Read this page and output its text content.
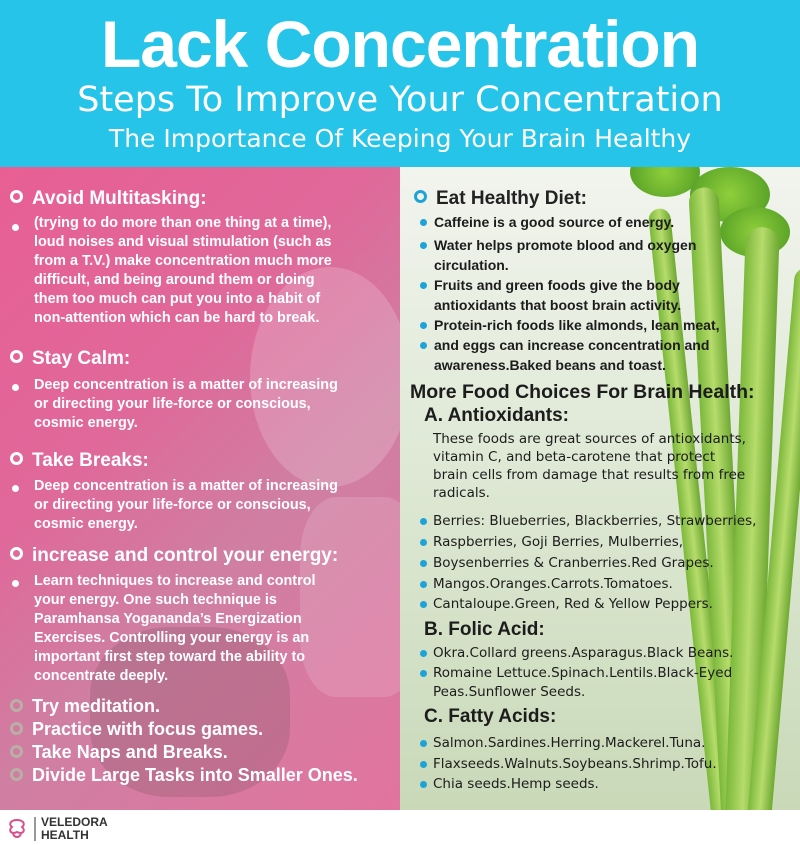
Lack Concentration
Steps To Improve Your Concentration
The Importance Of Keeping Your Brain Healthy
Avoid Multitasking:
(trying to do more than one thing at a time),
loud noises and visual stimulation (such as
from a T.V.) make concentration much more
difficult, and being around them or doing
them too much can put you into a habit of
non-attention which can be hard to break.
Stay Calm:
Deep concentration is a matter of increasing
or directing your life-force or conscious,
cosmic energy.
Take Breaks:
Deep concentration is a matter of increasing
or directing your life-force or conscious,
cosmic energy.
increase and control your energy:
Learn techniques to increase and control
your energy. One such technique is
Paramhansa Yogananda’s Energization
Exercises. Controlling your energy is an
important first step toward the ability to
concentrate deeply.
Try meditation.
Practice with focus games.
Take Naps and Breaks.
Divide Large Tasks into Smaller Ones.
Eat Healthy Diet:
Caffeine is a good source of energy.
Water helps promote blood and oxygen
circulation.
Fruits and green foods give the body
antioxidants that boost brain activity.
Protein-rich foods like almonds, lean meat,
and eggs can increase concentration and
awareness.Baked beans and toast.
More Food Choices For Brain Health:
A. Antioxidants:
These foods are great sources of antioxidants,
vitamin C, and beta-carotene that protect
brain cells from damage that results from free
radicals.
Berries: Blueberries, Blackberries, Strawberries,
Raspberries, Goji Berries, Mulberries,
Boysenberries & Cranberries.Red Grapes.
Mangos.Oranges.Carrots.Tomatoes.
Cantaloupe.Green, Red & Yellow Peppers.
B. Folic Acid:
Okra.Collard greens.Asparagus.Black Beans.
Romaine Lettuce.Spinach.Lentils.Black-Eyed
Peas.Sunflower Seeds.
C. Fatty Acids:
Salmon.Sardines.Herring.Mackerel.Tuna.
Flaxseeds.Walnuts.Soybeans.Shrimp.Tofu.
Chia seeds.Hemp seeds.
VELEDORA
HEALTH
